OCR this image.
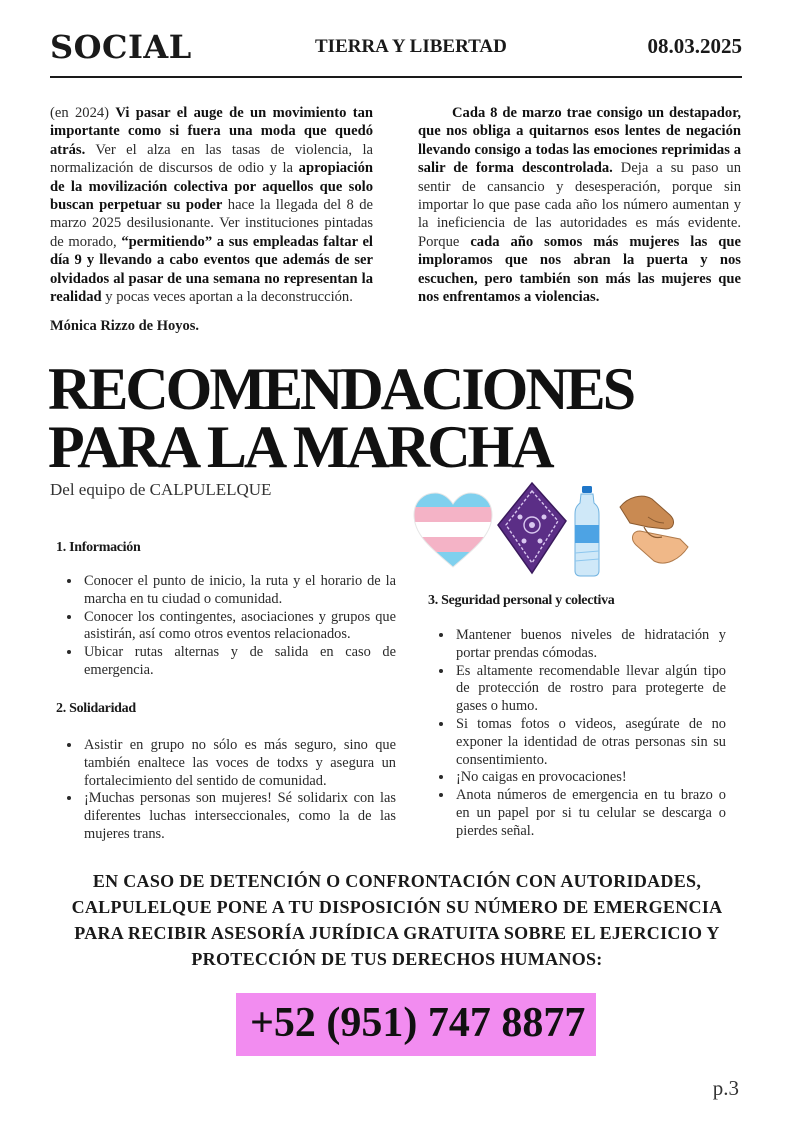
SOCIAL	TIERRA Y LIBERTAD	08.03.2025
(en 2024) Vi pasar el auge de un movimiento tan importante como si fuera una moda que quedó atrás. Ver el alza en las tasas de violencia, la normalización de discursos de odio y la apropiación de la movilización colectiva por aquellos que solo buscan perpetuar su poder hace la llegada del 8 de marzo 2025 desilusionante. Ver instituciones pintadas de morado, “permitiendo” a sus empleadas faltar el día 9 y llevando a cabo eventos que además de ser olvidados al pasar de una semana no representan la realidad y pocas veces aportan a la deconstrucción.
Cada 8 de marzo trae consigo un destapador, que nos obliga a quitarnos esos lentes de negación llevando consigo a todas las emociones reprimidas a salir de forma descontrolada. Deja a su paso un sentir de cansancio y desesperación, porque sin importar lo que pase cada año los número aumentan y la ineficiencia de las autoridades es más evidente. Porque cada año somos más mujeres las que imploramos que nos abran la puerta y nos escuchen, pero también son más las mujeres que nos enfrentamos a violencias.
Mónica Rizzo de Hoyos.
RECOMENDACIONES
PARA LA MARCHA
Del equipo de CALPULELQUE
1. Información
• Conocer el punto de inicio, la ruta y el horario de la marcha en tu ciudad o comunidad.
• Conocer los contingentes, asociaciones y grupos que asistirán, así como otros eventos relacionados.
• Ubicar rutas alternas y de salida en caso de emergencia.
2. Solidaridad
• Asistir en grupo no sólo es más seguro, sino que también enaltece las voces de todxs y asegura un fortalecimiento del sentido de comunidad.
• ¡Muchas personas son mujeres! Sé solidarix con las diferentes luchas interseccionales, como la de las mujeres trans.
3. Seguridad personal y colectiva
• Mantener buenos niveles de hidratación y portar prendas cómodas.
• Es altamente recomendable llevar algún tipo de protección de rostro para protegerte de gases o humo.
• Si tomas fotos o videos, asegúrate de no exponer la identidad de otras personas sin su consentimiento.
• ¡No caigas en provocaciones!
• Anota números de emergencia en tu brazo o en un papel por si tu celular se descarga o pierdes señal.
EN CASO DE DETENCIÓN O CONFRONTACIÓN CON AUTORIDADES,
CALPULELQUE PONE A TU DISPOSICIÓN SU NÚMERO DE EMERGENCIA
PARA RECIBIR ASESORÍA JURÍDICA GRATUITA SOBRE EL EJERCICIO Y
PROTECCIÓN DE TUS DERECHOS HUMANOS:
+52 (951) 747 8877
p.3
